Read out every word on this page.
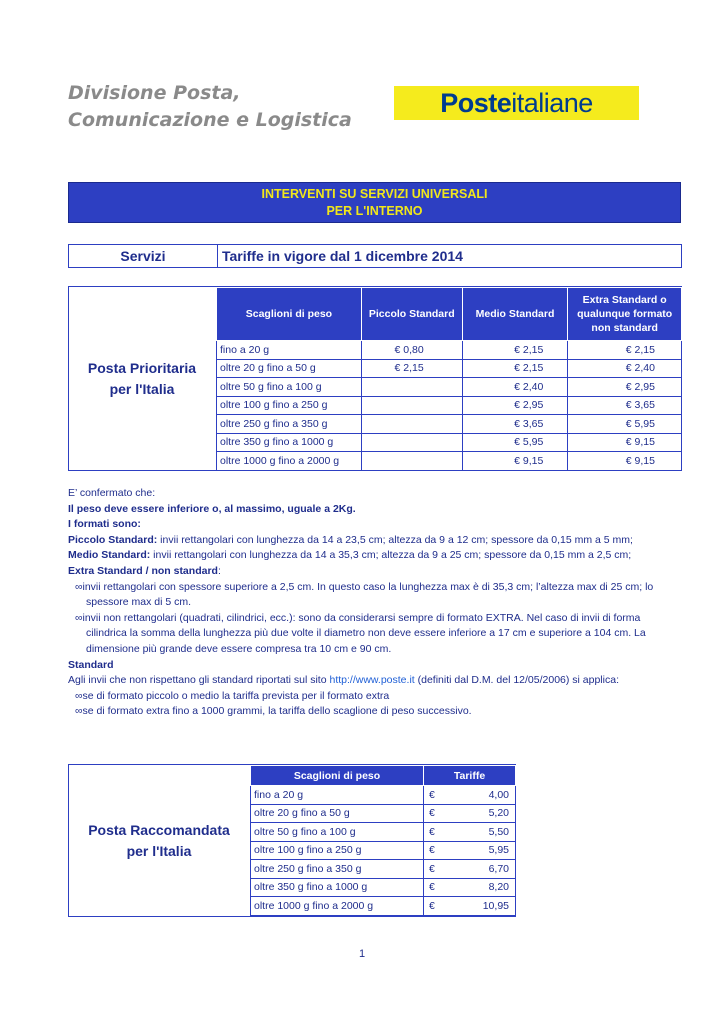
Divisione Posta,
Comunicazione e Logistica
Poste italiane
INTERVENTI SU SERVIZI UNIVERSALI
PER L'INTERNO
Servizi	Tariffe in vigore dal 1 dicembre 2014
Posta Prioritaria
per l'Italia
Scaglioni di peso	Piccolo Standard	Medio Standard	Extra Standard o qualunque formato non standard
fino a 20 g	€ 0,80	€ 2,15	€ 2,15
oltre 20 g fino a 50 g	€ 2,15	€ 2,15	€ 2,40
oltre 50 g fino a 100 g		€ 2,40	€ 2,95
oltre 100 g fino a 250 g		€ 2,95	€ 3,65
oltre 250 g fino a 350 g		€ 3,65	€ 5,95
oltre 350 g fino a 1000 g		€ 5,95	€ 9,15
oltre 1000 g fino a 2000 g		€ 9,15	€ 9,15
E’ confermato che:
Il peso deve essere inferiore o, al massimo, uguale a 2Kg.
I formati sono:
Piccolo Standard: invii rettangolari con lunghezza da 14 a 23,5 cm; altezza da 9 a 12 cm; spessore da 0,15 mm a 5 mm;
Medio Standard: invii rettangolari con lunghezza da 14 a 35,3 cm; altezza da 9 a 25 cm; spessore da 0,15 mm a 2,5 cm;
Extra Standard / non standard:
∞invii rettangolari con spessore superiore a 2,5 cm. In questo caso la lunghezza max è di 35,3 cm; l’altezza max di 25 cm; lo spessore max di 5 cm.
∞invii non rettangolari (quadrati, cilindrici, ecc.): sono da considerarsi sempre di formato EXTRA. Nel caso di invii di forma cilindrica la somma della lunghezza più due volte il diametro non deve essere inferiore a 17 cm e superiore a 104 cm. La dimensione più grande deve essere compresa tra 10 cm e 90 cm.
Standard
Agli invii che non rispettano gli standard riportati sul sito http://www.poste.it (definiti dal D.M. del 12/05/2006) si applica:
∞se di formato piccolo o medio la tariffa prevista per il formato extra
∞se di formato extra fino a 1000 grammi, la tariffa dello scaglione di peso successivo.
Posta Raccomandata
per l'Italia
Scaglioni di peso	Tariffe	
fino a 20 g	€	4,00
oltre 20 g fino a 50 g	€	5,20
oltre 50 g fino a 100 g	€	5,50
oltre 100 g fino a 250 g	€	5,95
oltre 250 g fino a 350 g	€	6,70
oltre 350 g fino a 1000 g	€	8,20
oltre 1000 g fino a 2000 g	€	10,95
1
